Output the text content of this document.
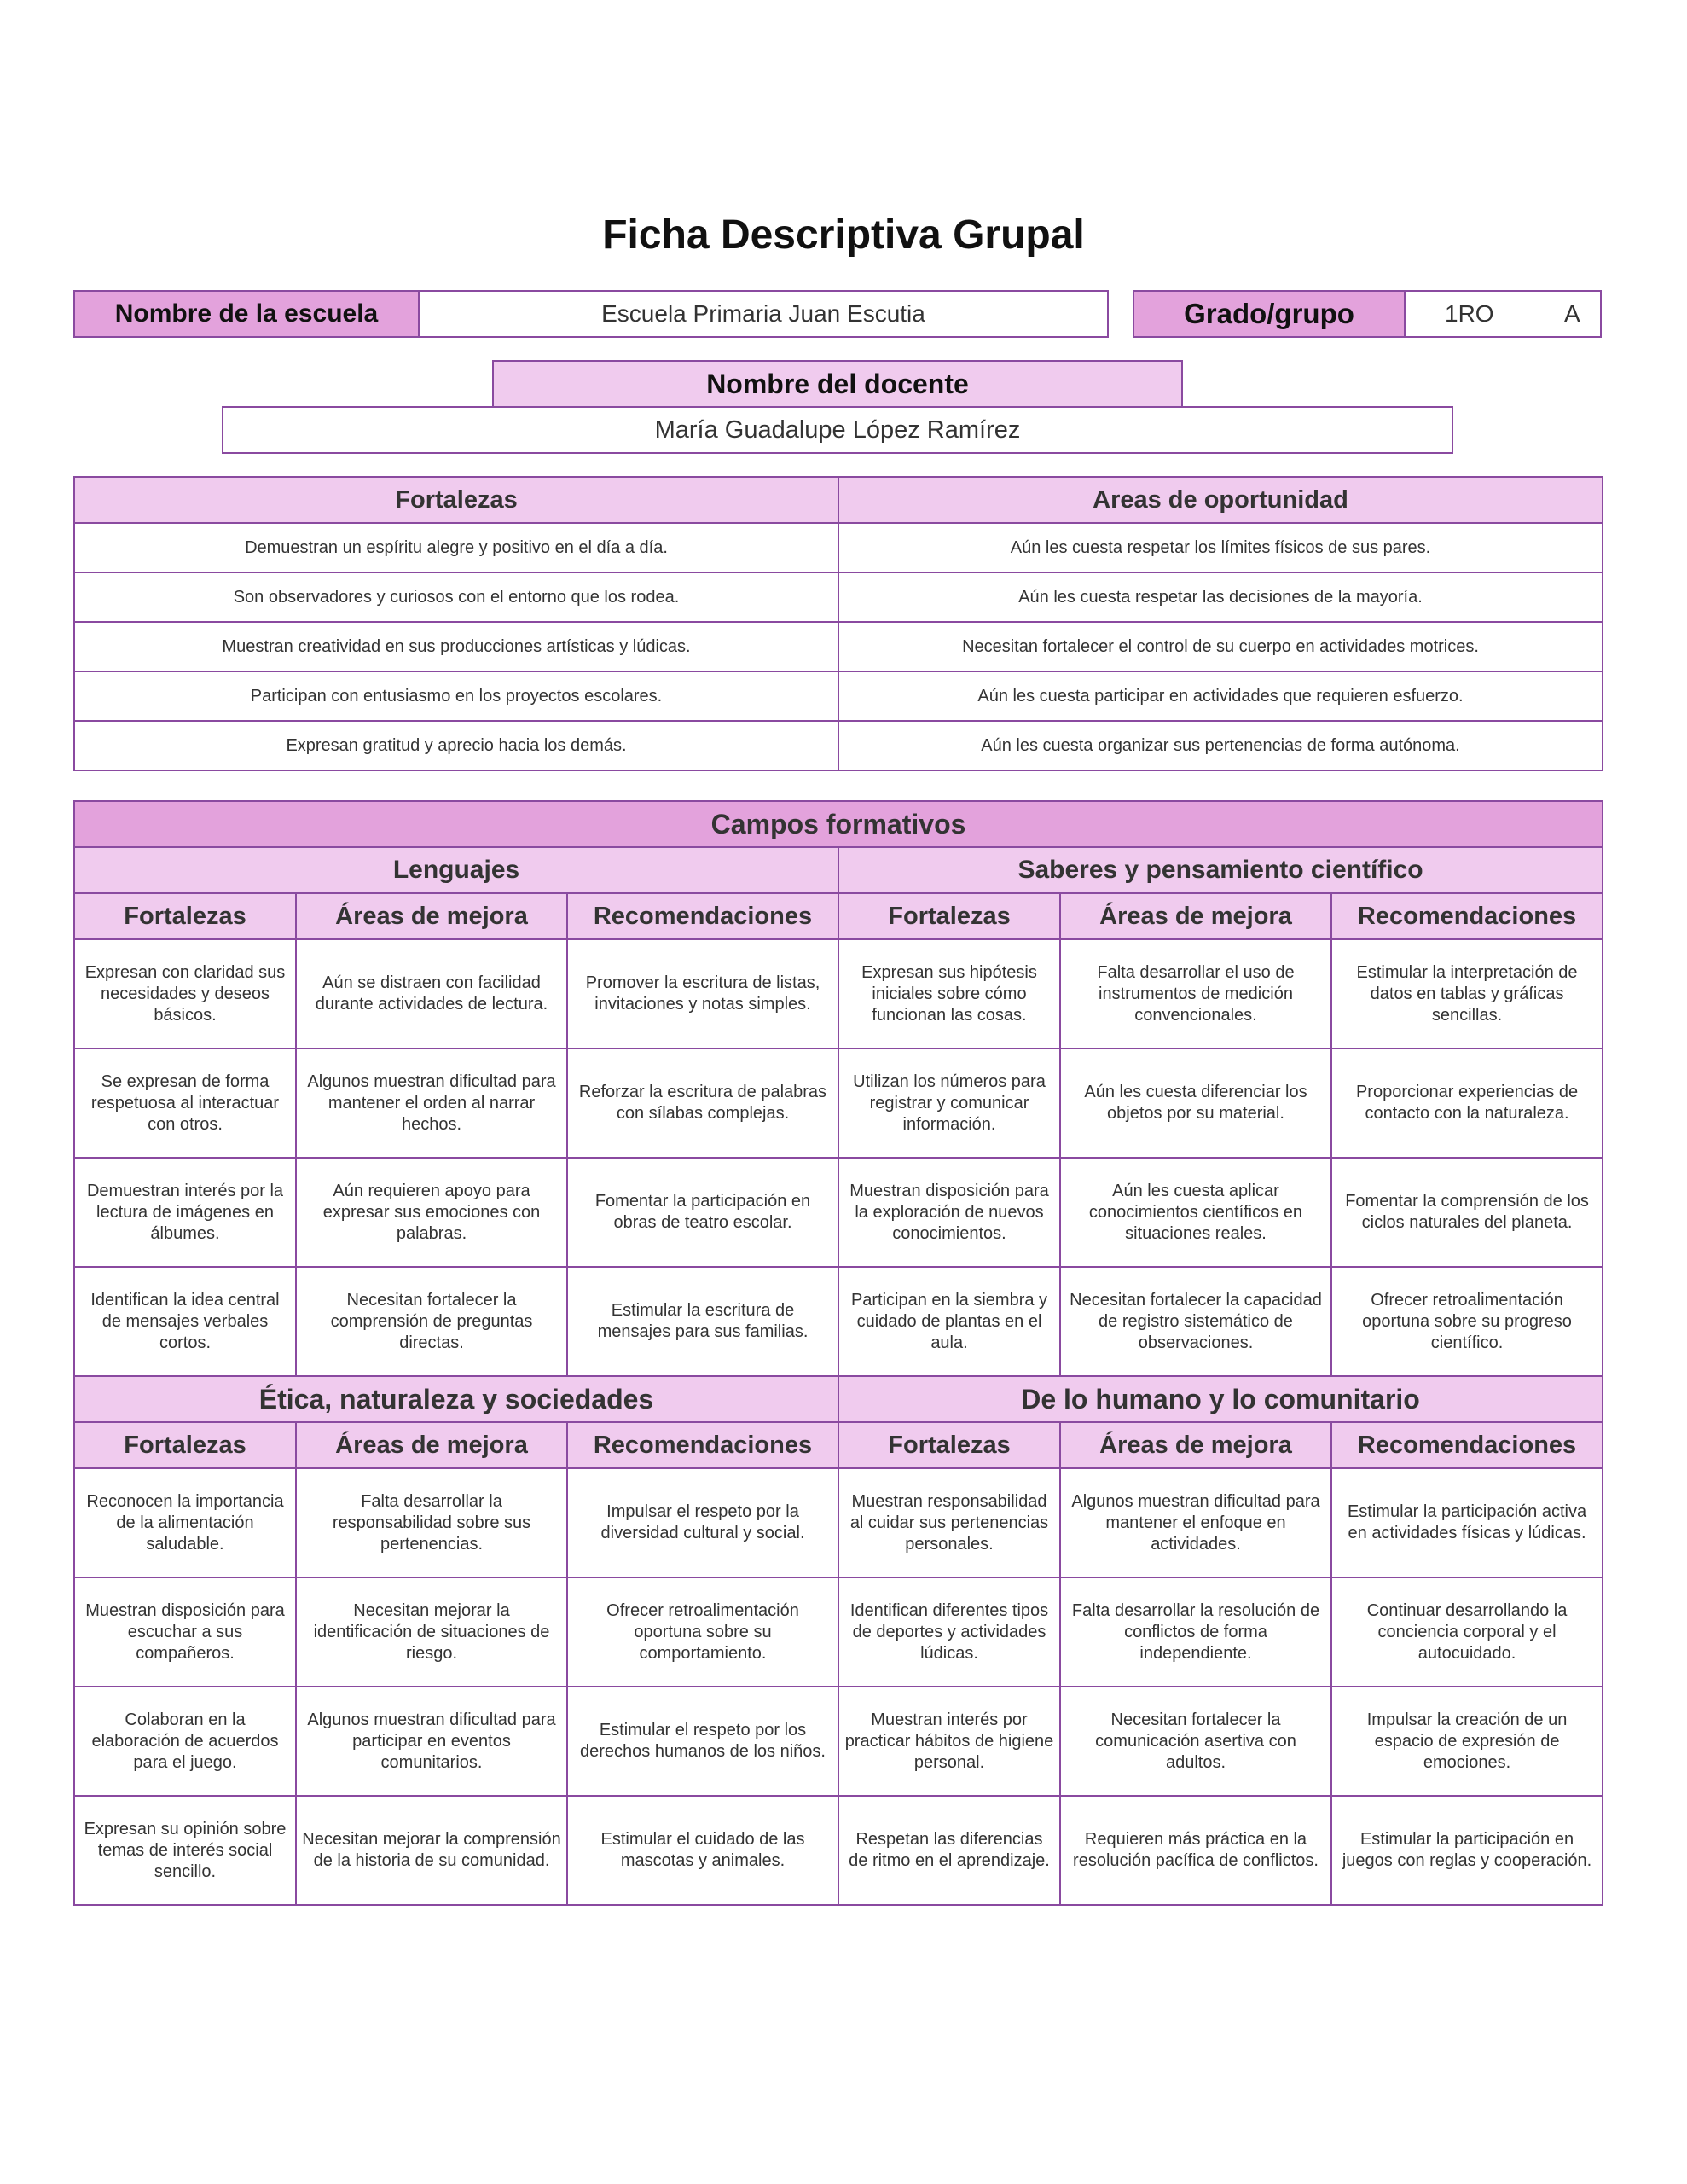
Ficha Descriptiva Grupal
Nombre de la escuela	Escuela Primaria Juan Escutia	Grado/grupo	1RO	A
Nombre del docente
María Guadalupe López Ramírez
Fortalezas	Areas de oportunidad
Demuestran un espíritu alegre y positivo en el día a día.	Aún les cuesta respetar los límites físicos de sus pares.
Son observadores y curiosos con el entorno que los rodea.	Aún les cuesta respetar las decisiones de la mayoría.
Muestran creatividad en sus producciones artísticas y lúdicas.	Necesitan fortalecer el control de su cuerpo en actividades motrices.
Participan con entusiasmo en los proyectos escolares.	Aún les cuesta participar en actividades que requieren esfuerzo.
Expresan gratitud y aprecio hacia los demás.	Aún les cuesta organizar sus pertenencias de forma autónoma.
Campos formativos					
Lenguajes			Saberes y pensamiento científico		
Fortalezas	Áreas de mejora	Recomendaciones	Fortalezas	Áreas de mejora	Recomendaciones
Expresan con claridad sus necesidades y deseos básicos.	Aún se distraen con facilidad durante actividades de lectura.	Promover la escritura de listas, invitaciones y notas simples.	Expresan sus hipótesis iniciales sobre cómo funcionan las cosas.	Falta desarrollar el uso de instrumentos de medición convencionales.	Estimular la interpretación de datos en tablas y gráficas sencillas.
Se expresan de forma respetuosa al interactuar con otros.	Algunos muestran dificultad para mantener el orden al narrar hechos.	Reforzar la escritura de palabras con sílabas complejas.	Utilizan los números para registrar y comunicar información.	Aún les cuesta diferenciar los objetos por su material.	Proporcionar experiencias de contacto con la naturaleza.
Demuestran interés por la lectura de imágenes en álbumes.	Aún requieren apoyo para expresar sus emociones con palabras.	Fomentar la participación en obras de teatro escolar.	Muestran disposición para la exploración de nuevos conocimientos.	Aún les cuesta aplicar conocimientos científicos en situaciones reales.	Fomentar la comprensión de los ciclos naturales del planeta.
Identifican la idea central de mensajes verbales cortos.	Necesitan fortalecer la comprensión de preguntas directas.	Estimular la escritura de mensajes para sus familias.	Participan en la siembra y cuidado de plantas en el aula.	Necesitan fortalecer la capacidad de registro sistemático de observaciones.	Ofrecer retroalimentación oportuna sobre su progreso científico.
Ética, naturaleza y sociedades			De lo humano y lo comunitario		
Fortalezas	Áreas de mejora	Recomendaciones	Fortalezas	Áreas de mejora	Recomendaciones
Reconocen la importancia de la alimentación saludable.	Falta desarrollar la responsabilidad sobre sus pertenencias.	Impulsar el respeto por la diversidad cultural y social.	Muestran responsabilidad al cuidar sus pertenencias personales.	Algunos muestran dificultad para mantener el enfoque en actividades.	Estimular la participación activa en actividades físicas y lúdicas.
Muestran disposición para escuchar a sus compañeros.	Necesitan mejorar la identificación de situaciones de riesgo.	Ofrecer retroalimentación oportuna sobre su comportamiento.	Identifican diferentes tipos de deportes y actividades lúdicas.	Falta desarrollar la resolución de conflictos de forma independiente.	Continuar desarrollando la conciencia corporal y el autocuidado.
Colaboran en la elaboración de acuerdos para el juego.	Algunos muestran dificultad para participar en eventos comunitarios.	Estimular el respeto por los derechos humanos de los niños.	Muestran interés por practicar hábitos de higiene personal.	Necesitan fortalecer la comunicación asertiva con adultos.	Impulsar la creación de un espacio de expresión de emociones.
Expresan su opinión sobre temas de interés social sencillo.	Necesitan mejorar la comprensión de la historia de su comunidad.	Estimular el cuidado de las mascotas y animales.	Respetan las diferencias de ritmo en el aprendizaje.	Requieren más práctica en la resolución pacífica de conflictos.	Estimular la participación en juegos con reglas y cooperación.
